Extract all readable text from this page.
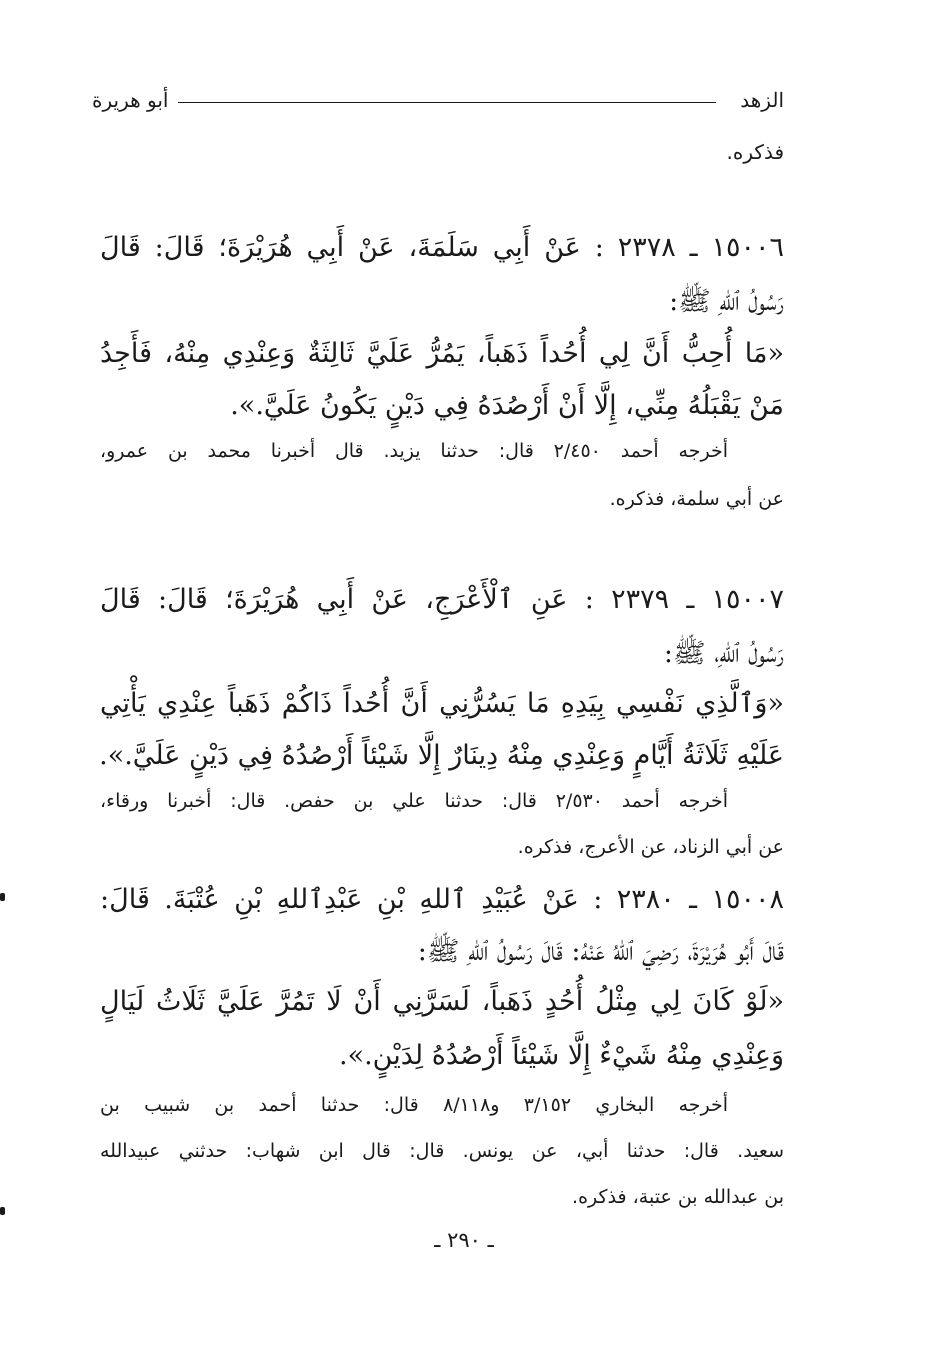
الزهد
أبو هريرة
فذكره.
١٥٠٠٦ ـ ٢٣٧٨ : عَنْ أَبِي سَلَمَةَ، عَنْ أَبِي هُرَيْرَةَ؛ قَالَ: قَالَ
رَسُولُ ٱللهِ ﷺ:
«مَا أُحِبُّ أَنَّ لِي أُحُداً ذَهَباً، يَمُرُّ عَلَيَّ ثَالِثَةٌ وَعِنْدِي مِنْهُ، فَأَجِدُ
مَنْ يَقْبَلُهُ مِنِّي، إِلَّا أَنْ أَرْصُدَهُ فِي دَيْنٍ يَكُونُ عَلَيَّ.».
أخرجه أحمد ٢/٤٥٠ قال: حدثنا يزيد. قال أخبرنا محمد بن عمرو،
عن أبي سلمة، فذكره.
١٥٠٠٧ ـ ٢٣٧٩ : عَنِ ٱلْأَعْرَجِ، عَنْ أَبِي هُرَيْرَةَ؛ قَالَ: قَالَ
رَسُولُ ٱللهِ، ﷺ:
«وَٱلَّذِي نَفْسِي بِيَدِهِ مَا يَسُرُّنِي أَنَّ أُحُداً ذَاكُمْ ذَهَباً عِنْدِي يَأْتِي
عَلَيْهِ ثَلَاثَةُ أَيَّامٍ وَعِنْدِي مِنْهُ دِينَارٌ إِلَّا شَيْئاً أَرْصُدُهُ فِي دَيْنٍ عَلَيَّ.».
أخرجه أحمد ٢/٥٣٠ قال: حدثنا علي بن حفص. قال: أخبرنا ورقاء،
عن أبي الزناد، عن الأعرج، فذكره.
١٥٠٠٨ ـ ٢٣٨٠ : عَنْ عُبَيْدِ ٱللهِ بْنِ عَبْدِٱللهِ بْنِ عُتْبَةَ. قَالَ:
قَالَ أَبُو هُرَيْرَةَ، رَضِيَ ٱللهُ عَنْهُ: قَالَ رَسُولُ ٱللهِ ﷺ:
«لَوْ كَانَ لِي مِثْلُ أُحُدٍ ذَهَباً، لَسَرَّنِي أَنْ لَا تَمُرَّ عَلَيَّ ثَلَاثُ لَيَالٍ
وَعِنْدِي مِنْهُ شَيْءٌ إِلَّا شَيْئاً أَرْصُدُهُ لِدَيْنٍ.».
أخرجه البخاري ٣/١٥٢ و٨/١١٨ قال: حدثنا أحمد بن شبيب بن
سعيد. قال: حدثنا أبي، عن يونس. قال: قال ابن شهاب: حدثني عبيدالله
بن عبدالله بن عتبة، فذكره.
ـ ٢٩٠ ـ
